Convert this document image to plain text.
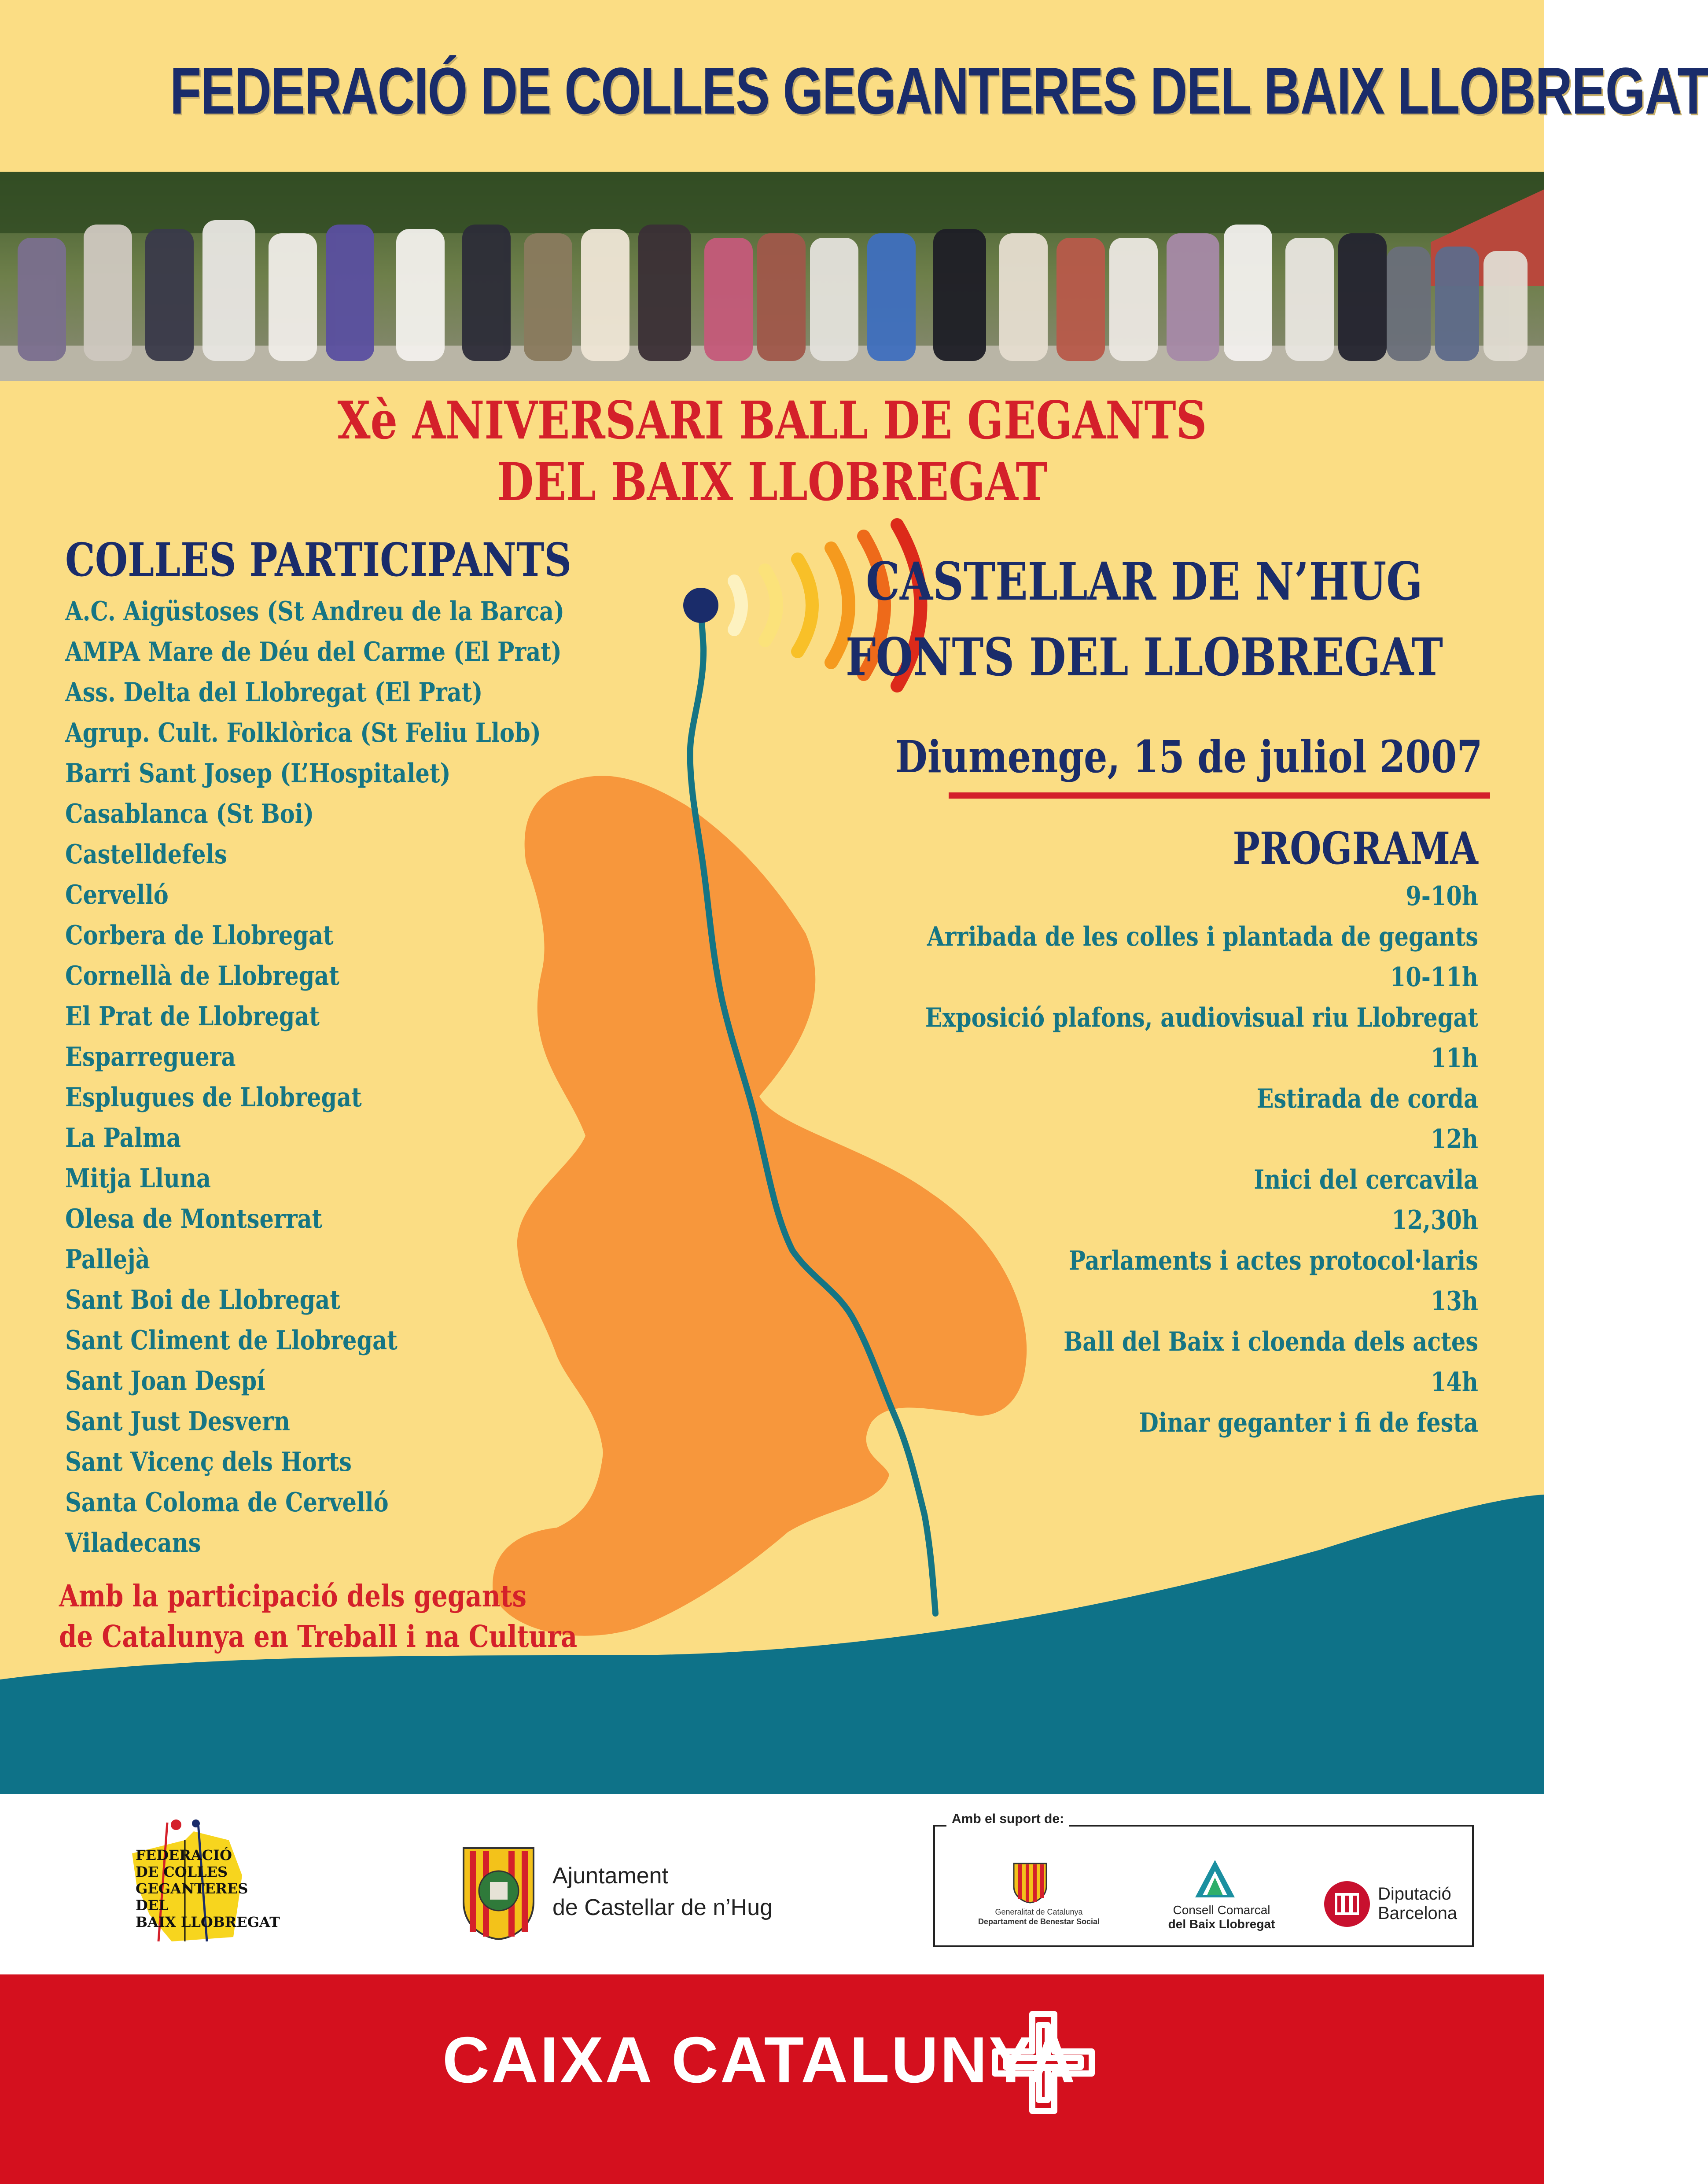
FEDERACIÓ DE COLLES GEGANTERES DEL BAIX LLOBREGAT
Xè ANIVERSARI BALL DE GEGANTS
DEL BAIX LLOBREGAT
COLLES PARTICIPANTS
A.C. Aigüstoses (St Andreu de la Barca)
AMPA Mare de Déu del Carme (El Prat)
Ass. Delta del Llobregat (El Prat)
Agrup. Cult. Folklòrica (St Feliu Llob)
Barri Sant Josep (L’Hospitalet)
Casablanca (St Boi)
Castelldefels
Cervelló
Corbera de Llobregat
Cornellà de Llobregat
El Prat de Llobregat
Esparreguera
Esplugues de Llobregat
La Palma
Mitja Lluna
Olesa de Montserrat
Pallejà
Sant Boi de Llobregat
Sant Climent de Llobregat
Sant Joan Despí
Sant Just Desvern
Sant Vicenç dels Horts
Santa Coloma de Cervelló
Viladecans
Amb la participació dels gegants
de Catalunya en Treball i na Cultura
CASTELLAR DE N’HUG
FONTS DEL LLOBREGAT
Diumenge, 15 de juliol 2007
PROGRAMA
9-10h
Arribada de les colles i plantada de gegants
10-11h
Exposició plafons, audiovisual riu Llobregat
11h
Estirada de corda
12h
Inici del cercavila
12,30h
Parlaments i actes protocol·laris
13h
Ball del Baix i cloenda dels actes
14h
Dinar geganter i fi de festa
FEDERACIÓ
DE COLLES
GEGANTERES
DEL
BAIX LLOBREGAT
Ajuntament
de Castellar de n’Hug
Amb el suport de:
Generalitat de Catalunya
Departament de Benestar Social
Consell Comarcal
del Baix Llobregat
Diputació
Barcelona
CAIXA CATALUNYA
